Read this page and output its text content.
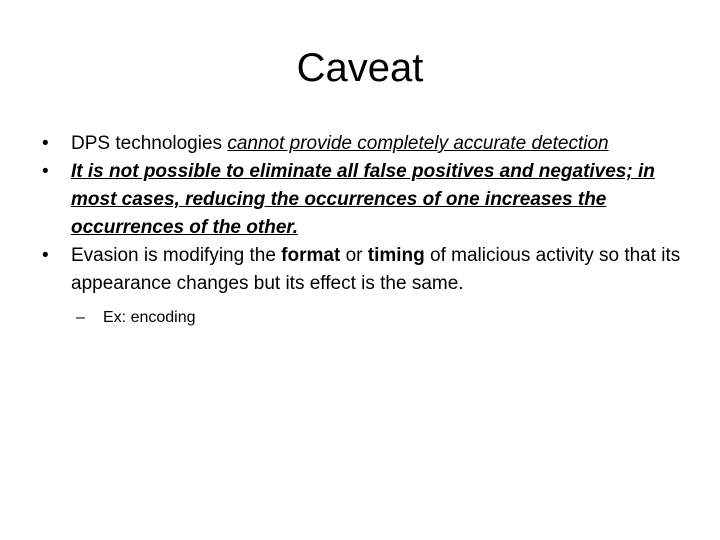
Caveat

• DPS technologies cannot provide completely accurate detection

• It is not possible to eliminate all false positives and negatives; in most cases, reducing the occurrences of one increases the occurrences of the other.

• Evasion is modifying the format or timing of malicious activity so that its appearance changes but its effect is the same.

– Ex: encoding
